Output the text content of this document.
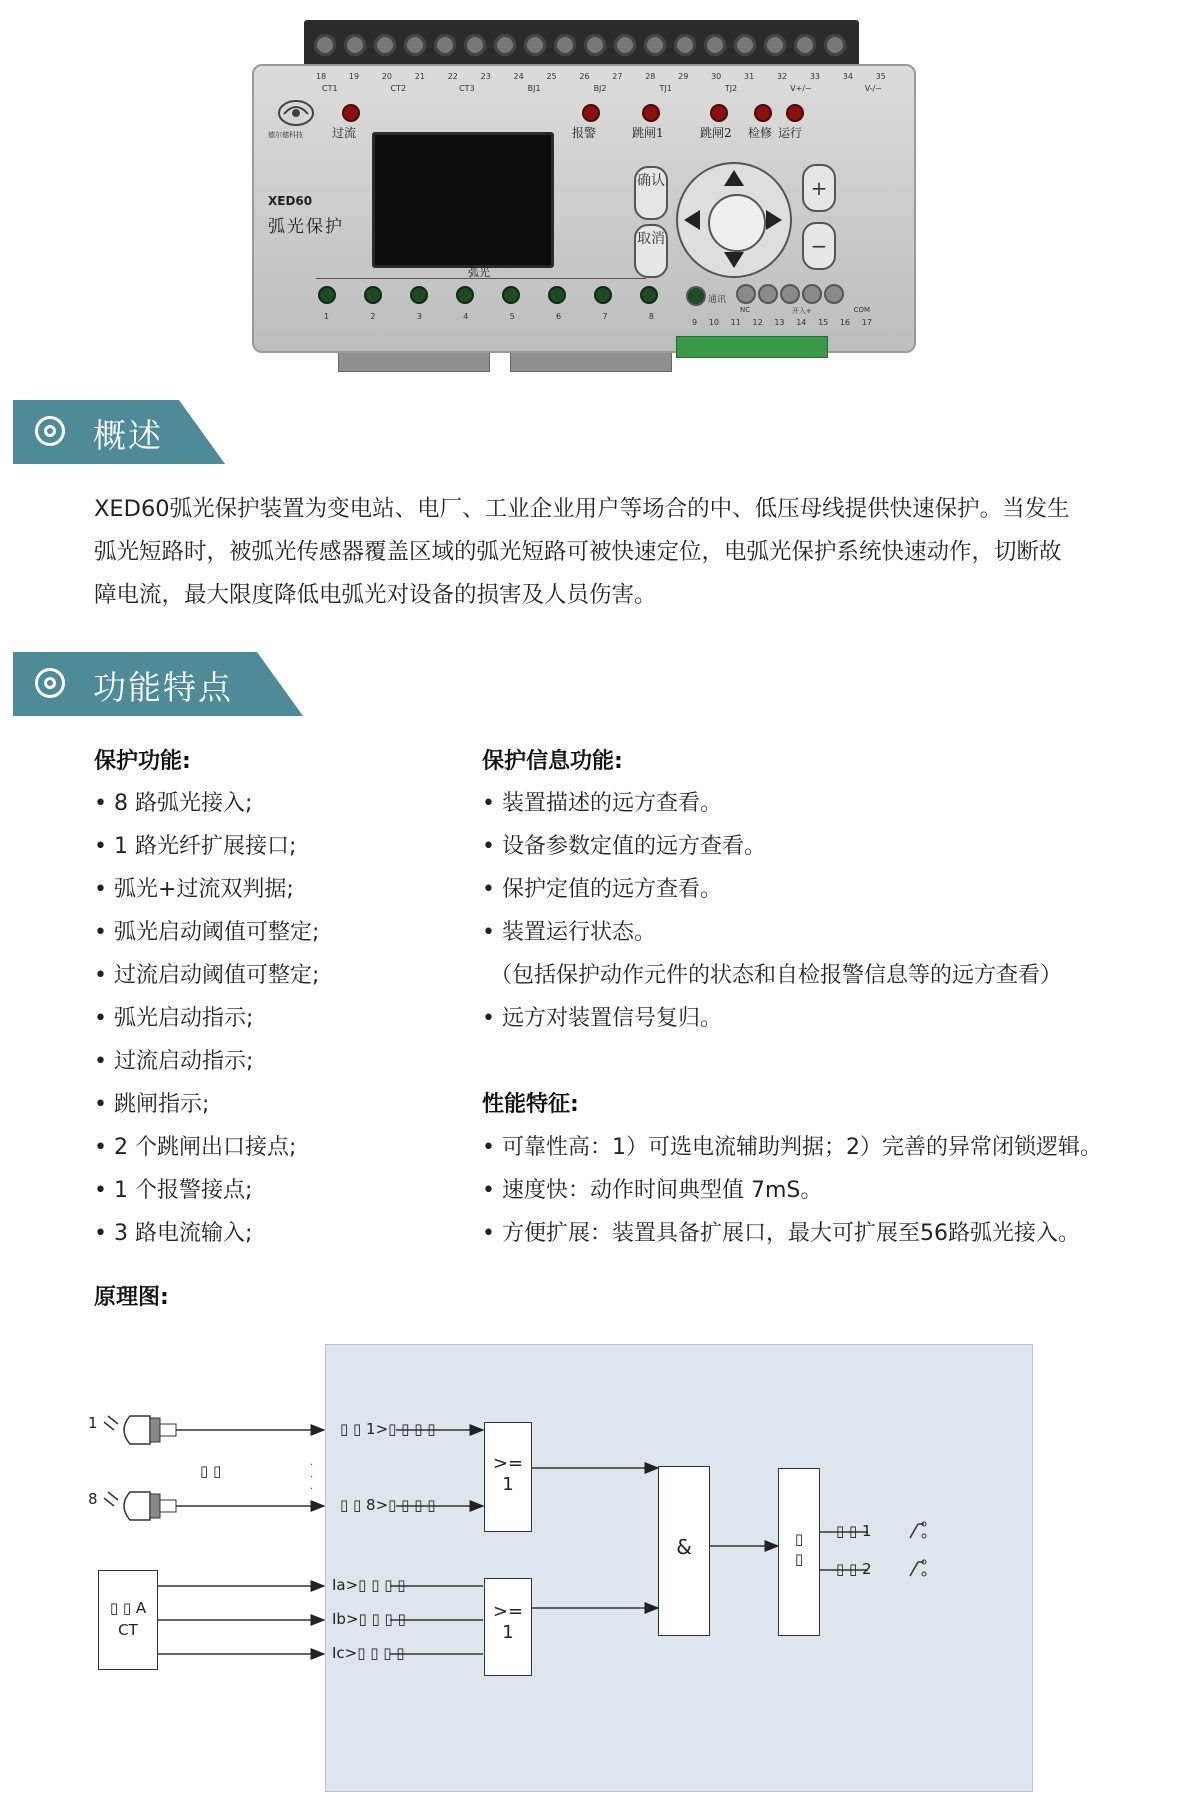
18	19	20	21	22	23	24	25	26	27	28	29	30	31	32	33	34	35
CT1	CT2	CT3	BJ1	BJ2	TJ1	TJ2	V+/~	V-/~
德尔德科技 过流	报警	跳闸1	跳闸2 检修 运行
XED60
弧光保护
确认
取消
+
−
弧光
1	2	3	4	5	6	7	8
通讯
NC	开入+	COM
9 10 11 12 13 14 15 16 17
概述
XED60弧光保护装置为变电站、电厂、工业企业用户等场合的中、低压母线提供快速保护。当发生
弧光短路时，被弧光传感器覆盖区域的弧光短路可被快速定位，电弧光保护系统快速动作，切断故
障电流，最大限度降低电弧光对设备的损害及人员伤害。
功能特点
保护功能:
• 8 路弧光接入;
• 1 路光纤扩展接口;
• 弧光+过流双判据;
• 弧光启动阈值可整定;
• 过流启动阈值可整定;
• 弧光启动指示;
• 过流启动指示;
• 跳闸指示;
• 2 个跳闸出口接点;
• 1 个报警接点;
• 3 路电流输入;
保护信息功能:
• 装置描述的远方查看。
• 设备参数定值的远方查看。
• 保护定值的远方查看。
• 装置运行状态。
（包括保护动作元件的状态和自检报警信息等的远方查看）
• 远方对装置信号复归。
性能特征:
• 可靠性高：1）可选电流辅助判据；2）完善的异常闭锁逻辑。
• 速度快：动作时间典型值 7mS。
• 方便扩展：装置具备扩展口，最大可扩展至56路弧光接入。
原理图:
·
·
·
1
8
▯ ▯
▯ ▯ 1>▯ ▯ ▯ ▯
▯ ▯ 8>▯ ▯ ▯ ▯
>=
1
>=
1
&	▯
▯
▯ ▯ 1
▯ ▯ 2
▯ ▯ A
CT
Ia>▯ ▯ ▯ ▯
Ib>▯ ▯ ▯ ▯
Ic>▯ ▯ ▯ ▯
